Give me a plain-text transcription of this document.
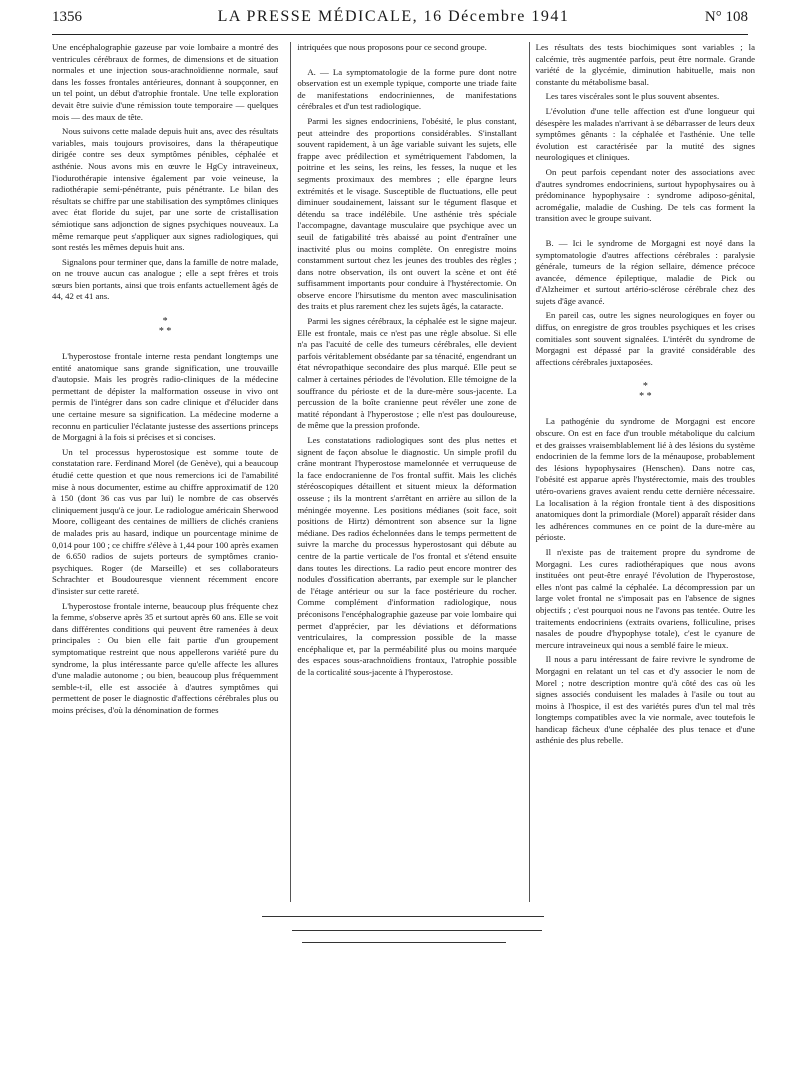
1356	LA PRESSE MÉDICALE, 16 Décembre 1941	N° 108

Une encéphalographie gazeuse par voie lombaire a montré des ventricules cérébraux de formes, de dimensions et de situation normales et une injection sous-arachnoïdienne normale, sauf dans les fosses frontales antérieures, donnant à soupçonner, en un tel point, un début d'atrophie frontale. Une telle exploration devait être suivie d'une rémission toute temporaire — quelques mois — des maux de tête.

Nous suivons cette malade depuis huit ans, avec des résultats variables, mais toujours provisoires, dans la thérapeutique dirigée contre ses deux symptômes pénibles, céphalée et asthénie. Nous avons mis en œuvre le HgCy intraveineux, l'iodurothérapie intensive également par voie veineuse, la radiothérapie semi-pénétrante, puis pénétrante. Le bilan des résultats se chiffre par une stabilisation des symptômes cliniques avec état floride du sujet, par une sorte de cristallisation sémiotique sans adjonction de signes psychiques nouveaux. La même remarque peut s'appliquer aux signes radiologiques, qui sont restés les mêmes depuis huit ans.

Signalons pour terminer que, dans la famille de notre malade, on ne trouve aucun cas analogue ; elle a sept frères et trois sœurs bien portants, ainsi que trois enfants actuellement âgés de 44, 42 et 41 ans.

*
* *

L'hyperostose frontale interne resta pendant longtemps une entité anatomique sans grande signification, une trouvaille d'autopsie. Mais les progrès radio-cliniques de la médecine permettant de dépister la malformation osseuse in vivo ont permis de l'intégrer dans son cadre clinique et d'élucider dans une certaine mesure sa signification. La médecine moderne a reconnu en particulier l'éclatante justesse des assertions princeps de Morgagni à la fois si précises et si concises.

Un tel processus hyperostosique est somme toute de constatation rare. Ferdinand Morel (de Genève), qui a beaucoup étudié cette question et que nous remercions ici de l'amabilité mise à nous documenter, estime au chiffre approximatif de 120 à 150 (dont 36 cas vus par lui) le nombre de cas observés cliniquement jusqu'à ce jour. Le radiologue américain Sherwood Moore, colligeant des centaines de milliers de clichés craniens de malades pris au hasard, indique un pourcentage minime de 0,014 pour 100 ; ce chiffre s'élève à 1,44 pour 100 après examen de 6.650 radios de sujets porteurs de symptômes cranio-psychiques. Roger (de Marseille) et ses collaborateurs Schrachter et Boudouresque viennent récemment encore d'insister sur cette rareté.

L'hyperostose frontale interne, beaucoup plus fréquente chez la femme, s'observe après 35 et surtout après 60 ans. Elle se voit dans différentes conditions qui peuvent être ramenées à deux principales : Ou bien elle fait partie d'un groupement symptomatique restreint que nous appellerons variété pure du syndrome, la plus intéressante parce qu'elle affecte les allures d'une maladie autonome ; ou bien, beaucoup plus fréquemment semble-t-il, elle est associée à d'autres symptômes qui permettent de poser le diagnostic d'affections cérébrales plus ou moins précises, d'où la dénomination de formes

intriquées que nous proposons pour ce second groupe.

A. — La symptomatologie de la forme pure dont notre observation est un exemple typique, comporte une triade faite de manifestations endocriniennes, de manifestations cérébrales et d'un test radiologique.

Parmi les signes endocriniens, l'obésité, le plus constant, peut atteindre des proportions considérables. S'installant souvent rapidement, à un âge variable suivant les sujets, elle frappe avec prédilection et symétriquement l'abdomen, la poitrine et les seins, les reins, les fesses, la nuque et les segments proximaux des membres ; elle épargne leurs extrémités et le visage. Susceptible de fluctuations, elle peut diminuer soudainement, laissant sur le tégument flasque et détendu sa trace indélébile. Une asthénie très spéciale l'accompagne, davantage musculaire que psychique avec un seuil de fatigabilité très abaissé au point d'entraîner une inactivité plus ou moins complète. On enregistre moins constamment surtout chez les jeunes des troubles des règles ; dans notre observation, ils ont ouvert la scène et ont été suffisamment importants pour conduire à l'hystérectomie. On observe encore l'hirsutisme du menton avec masculinisation des traits et plus rarement chez les sujets âgés, la cataracte.

Parmi les signes cérébraux, la céphalée est le signe majeur. Elle est frontale, mais ce n'est pas une règle absolue. Si elle n'a pas l'acuité de celle des tumeurs cérébrales, elle devient parfois véritablement obsédante par sa ténacité, engendrant un état névropathique secondaire des plus marqué. Elle peut se calmer à certaines périodes de l'évolution. Elle témoigne de la souffrance du périoste et de la dure-mère sous-jacente. La percussion de la boîte cranienne peut révéler une zone de matité répondant à l'hyperostose ; elle n'est pas douloureuse, de même que la pression profonde.

Les constatations radiologiques sont des plus nettes et signent de façon absolue le diagnostic. Un simple profil du crâne montrant l'hyperostose mamelonnée et verruqueuse de la face endocranienne de l'os frontal suffit. Mais les clichés stéréoscopiques détaillent et situent mieux la déformation osseuse ; ils la montrent s'arrêtant en arrière au sillon de la méningée moyenne. Les positions médianes (soit face, soit positions de Hirtz) démontrent son absence sur la ligne médiane. Des radios échelonnées dans le temps permettent de suivre la marche du processus hyperostosant qui débute au centre de la partie verticale de l'os frontal et s'étend ensuite dans toutes les directions. La radio peut encore montrer des nodules d'ossification aberrants, par exemple sur le plancher de l'étage antérieur ou sur la face postérieure du rocher. Comme complément d'information radiologique, nous préconisons l'encéphalographie gazeuse par voie lombaire qui permet d'apprécier, par les déviations et déformations ventriculaires, la compression possible de la masse encéphalique et, par la perméabilité plus ou moins marquée des espaces sous-arachnoïdiens frontaux, l'atrophie possible de la corticalité sous-jacente à l'hyperostose.

Les résultats des tests biochimiques sont variables ; la calcémie, très augmentée parfois, peut être normale. Grande variété de la glycémie, diminution habituelle, mais non constante du métabolisme basal.

Les tares viscérales sont le plus souvent absentes.

L'évolution d'une telle affection est d'une longueur qui désespère les malades n'arrivant à se débarrasser de leurs deux symptômes gênants : la céphalée et l'asthénie. Une telle évolution est caractérisée par la mutité des signes neurologiques et cliniques.

On peut parfois cependant noter des associations avec d'autres syndromes endocriniens, surtout hypophysaires ou à prédominance hypophysaire : syndrome adiposo-génital, acromégalie, maladie de Cushing. De tels cas forment la transition avec le groupe suivant.

B. — Ici le syndrome de Morgagni est noyé dans la symptomatologie d'autres affections cérébrales : paralysie générale, tumeurs de la région sellaire, démence précoce avancée, démence épileptique, maladie de Pick ou d'Alzheimer et surtout artério-sclérose cérébrale chez des sujets d'âge avancé.

En pareil cas, outre les signes neurologiques en foyer ou diffus, on enregistre de gros troubles psychiques et les crises comitiales sont souvent signalées. L'intérêt du syndrome de Morgagni est dépassé par la gravité considérable des affections cérébrales juxtaposées.

*
* *

La pathogénie du syndrome de Morgagni est encore obscure. On est en face d'un trouble métabolique du calcium et des graisses vraisemblablement lié à des lésions du système endocrinien de la femme lors de la ménaupose, probablement des lésions hypophysaires (Henschen). Dans notre cas, l'obésité est apparue après l'hystérectomie, mais des troubles utéro-ovariens graves avaient rendu cette dernière nécessaire. La localisation à la région frontale tient à des dispositions anatomiques dont la primordiale (Morel) apparaît résider dans les adhérences communes en ce point de la dure-mère au périoste.

Il n'existe pas de traitement propre du syndrome de Morgagni. Les cures radiothérapiques que nous avons instituées ont peut-être enrayé l'évolution de l'hyperostose, elles n'ont pas calmé la céphalée. La décompression par un large volet frontal ne s'imposait pas en l'absence de signes objectifs ; c'est pourquoi nous ne l'avons pas tentée. Outre les traitements endocriniens (extraits ovariens, folliculine, prises nasales de poudre d'hypophyse totale), c'est le cyanure de mercure intraveineux qui nous a semblé faire le mieux.

Il nous a paru intéressant de faire revivre le syndrome de Morgagni en relatant un tel cas et d'y associer le nom de Morel ; notre description montre qu'à côté des cas où les signes associés conduisent les malades à l'asile ou tout au moins à l'hospice, il est des variétés pures d'un tel mal très longtemps compatibles avec la vie normale, avec toutefois le handicap fâcheux d'une céphalée des plus tenace et d'une asthénie des plus rebelle.
